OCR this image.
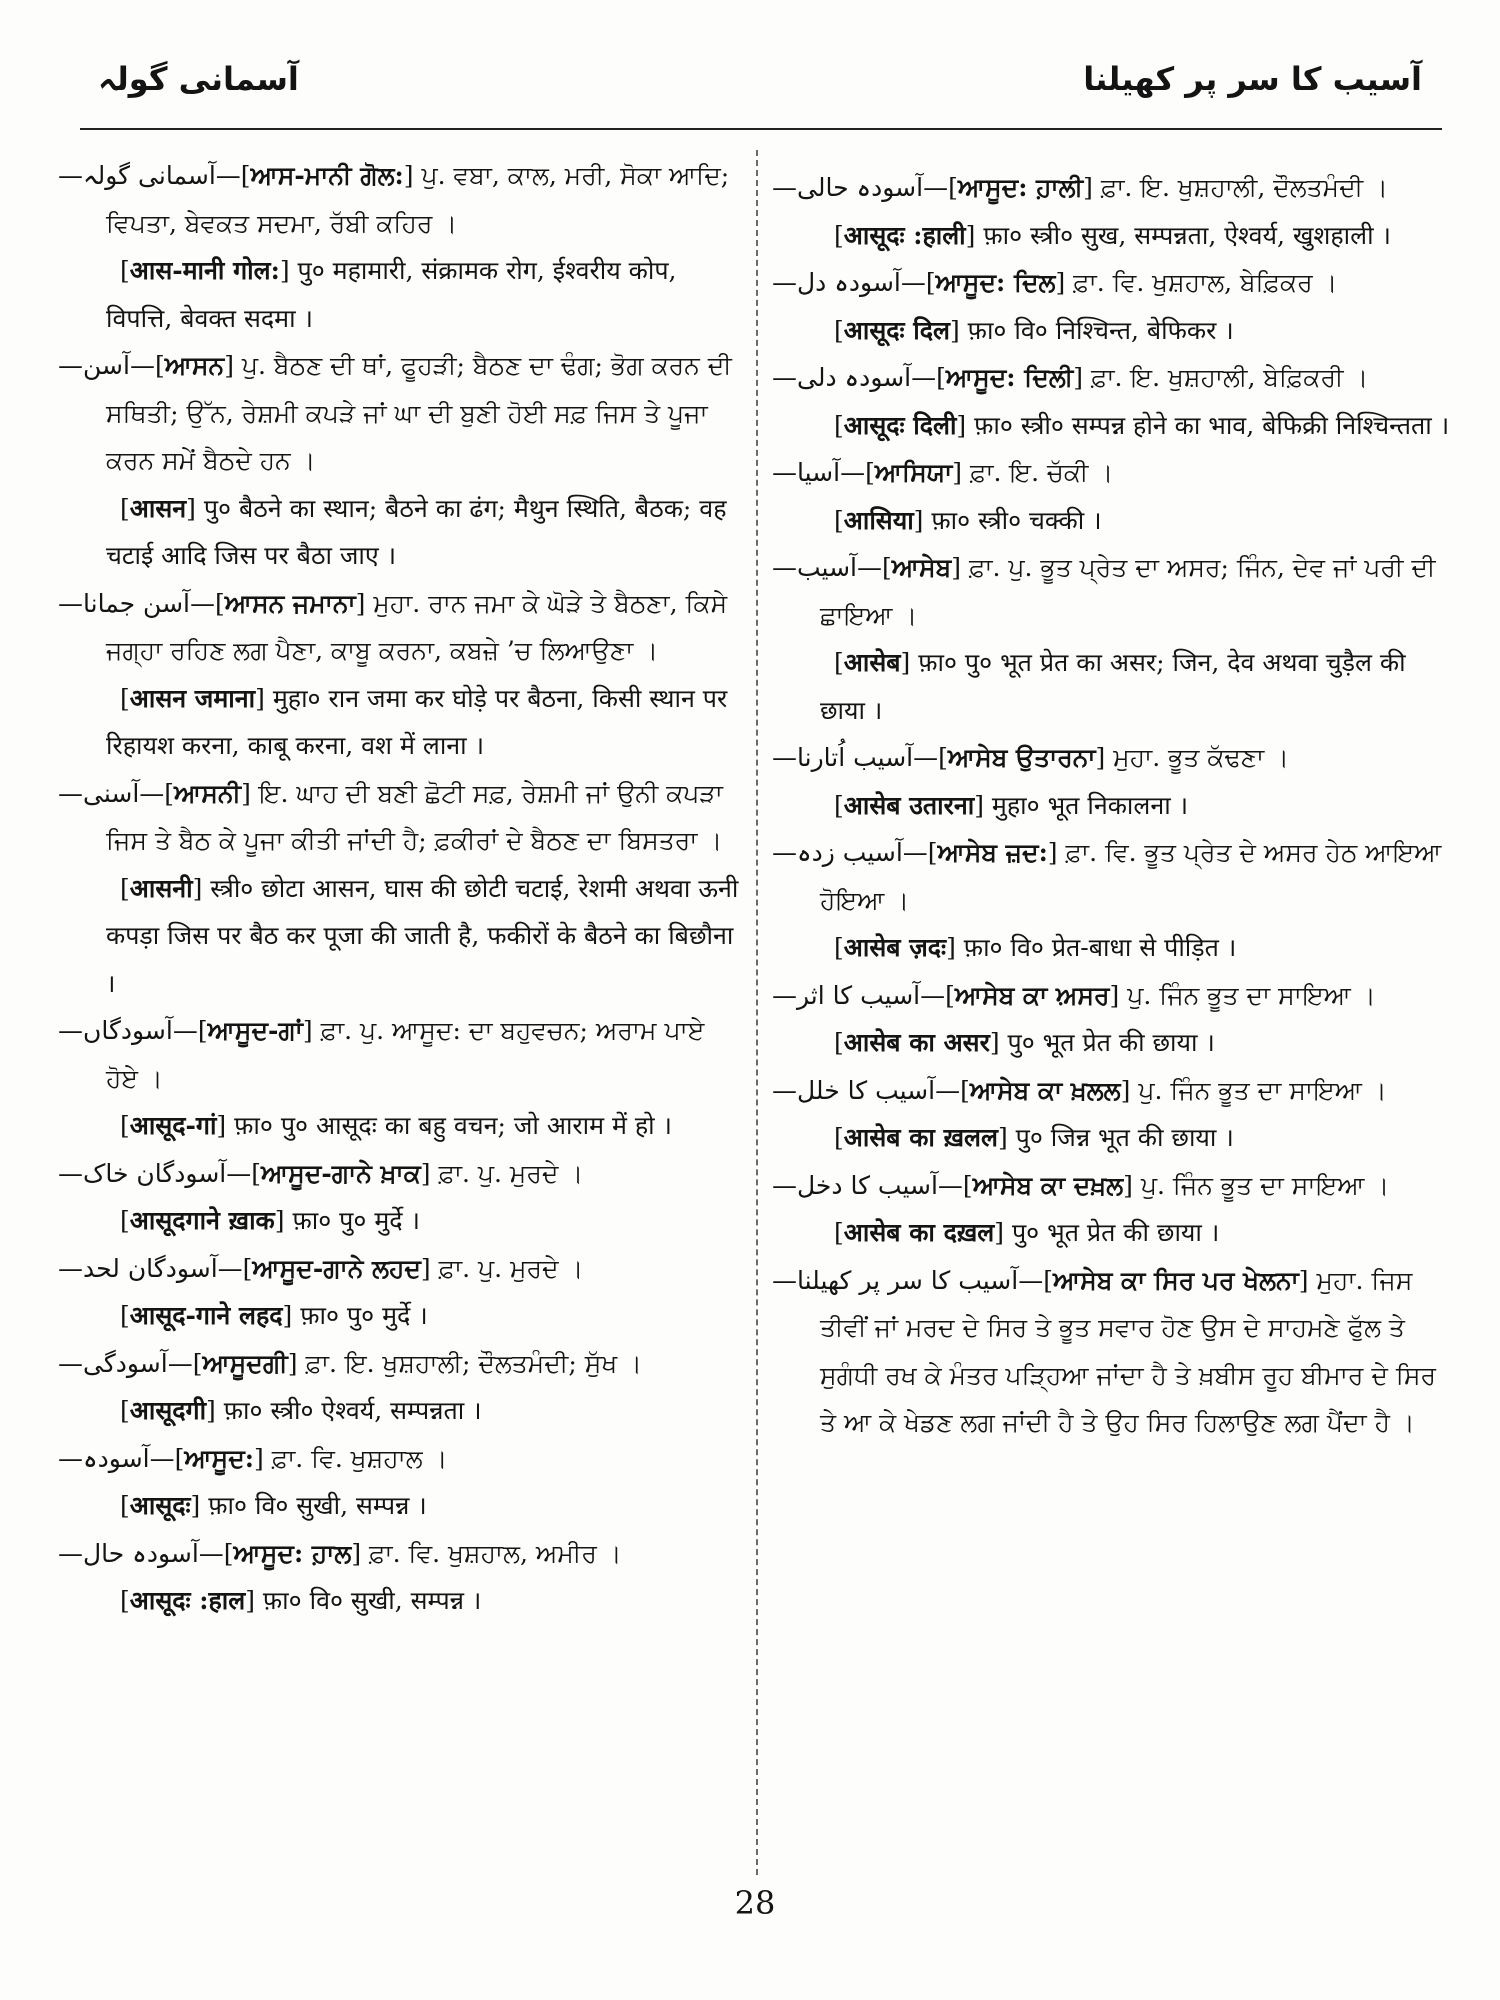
آسمانی گولہ	آسیب کا سر پر کھیلنا

— آسمانی گولہ — [ ਆਸ-ਮਾਨੀ ਗੋਲ: ] ਪੁ. ਵਬਾ, ਕਾਲ, ਮਰੀ, ਸੋਕਾ ਆਦਿ; ਵਿਪਤਾ, ਬੇਵਕਤ ਸਦਮਾ, ਰੱਬੀ ਕਹਿਰ ।

[ आस-मानी गोल: ] पु० महामारी, संक्रामक रोग, ईश्वरीय कोप, विपत्ति, बेवक्त सदमा ।

— آسن — [ ਆਸਨ ] ਪੁ. ਬੈਠਣ ਦੀ ਥਾਂ, ਫੂਹੜੀ; ਬੈਠਣ ਦਾ ਢੰਗ; ਭੋਗ ਕਰਨ ਦੀ ਸਥਿਤੀ; ਉੱਨ, ਰੇਸ਼ਮੀ ਕਪੜੇ ਜਾਂ ਘਾ ਦੀ ਬੁਣੀ ਹੋਈ ਸਫ਼ ਜਿਸ ਤੇ ਪੂਜਾ ਕਰਨ ਸਮੇਂ ਬੈਠਦੇ ਹਨ ।

[ आसन ] पु० बैठने का स्थान; बैठने का ढंग; मैथुन स्थिति, बैठक; वह चटाई आदि जिस पर बैठा जाए ।

— آسن جمانا — [ ਆਸਨ ਜਮਾਨਾ ] ਮੁਹਾ. ਰਾਨ ਜਮਾ ਕੇ ਘੋੜੇ ਤੇ ਬੈਠਣਾ, ਕਿਸੇ ਜਗ੍ਹਾ ਰਹਿਣ ਲਗ ਪੈਣਾ, ਕਾਬੂ ਕਰਨਾ, ਕਬਜ਼ੇ ’ਚ ਲਿਆਉਣਾ ।

[ आसन जमाना ] मुहा० रान जमा कर घोड़े पर बैठना, किसी स्थान पर रिहायश करना, काबू करना, वश में लाना ।

— آسنی — [ ਆਸਨੀ ] ਇ. ਘਾਹ ਦੀ ਬਣੀ ਛੋਟੀ ਸਫ਼, ਰੇਸ਼ਮੀ ਜਾਂ ਉਨੀ ਕਪੜਾ ਜਿਸ ਤੇ ਬੈਠ ਕੇ ਪੂਜਾ ਕੀਤੀ ਜਾਂਦੀ ਹੈ; ਫ਼ਕੀਰਾਂ ਦੇ ਬੈਠਣ ਦਾ ਬਿਸਤਰਾ ।

[ आसनी ] स्त्री० छोटा आसन, घास की छोटी चटाई, रेशमी अथवा ऊनी कपड़ा जिस पर बैठ कर पूजा की जाती है, फकीरों के बैठने का बिछौना ।

— آسودگاں — [ ਆਸੂਦ-ਗਾਂ ] ਫ਼ਾ. ਪੁ. ਆਸੂਦ: ਦਾ ਬਹੁਵਚਨ; ਅਰਾਮ ਪਾਏ ਹੋਏ ।

[ आसूद-गां ] फ़ा० पु० आसूदः का बहु वचन; जो आराम में हो ।

— آسودگان خاک — [ ਆਸੂਦ-ਗਾਨੇ ਖ਼ਾਕ ] ਫ਼ਾ. ਪੁ. ਮੁਰਦੇ ।

[ आसूदगाने ख़ाक ] फ़ा० पु० मुर्दे ।

— آسودگان لحد — [ ਆਸੂਦ-ਗਾਨੇ ਲਹਦ ] ਫ਼ਾ. ਪੁ. ਮੁਰਦੇ ।

[ आसूद-गाने लहद ] फ़ा० पु० मुर्दे ।

— آسودگی — [ ਆਸੂਦਗੀ ] ਫ਼ਾ. ਇ. ਖੁਸ਼ਹਾਲੀ; ਦੌਲਤਮੰਦੀ; ਸੁੱਖ ।

[ आसूदगी ] फ़ा० स्त्री० ऐश्वर्य, सम्पन्नता ।

— آسودہ — [ ਆਸੂਦ: ] ਫ਼ਾ. ਵਿ. ਖੁਸ਼ਹਾਲ ।

[ आसूदः ] फ़ा० वि० सुखी, सम्पन्न ।

— آسودہ حال — [ ਆਸੂਦ: ਹ਼ਾਲ ] ਫ਼ਾ. ਵਿ. ਖੁਸ਼ਹਾਲ, ਅਮੀਰ ।

[ आसूदः :हाल ] फ़ा० वि० सुखी, सम्पन्न ।

— آسودہ حالی — [ ਆਸੂਦ: ਹ਼ਾਲੀ ] ਫ਼ਾ. ਇ. ਖੁਸ਼ਹਾਲੀ, ਦੌਲਤਮੰਦੀ ।

[ आसूदः :हाली ] फ़ा० स्त्री० सुख, सम्पन्नता, ऐश्वर्य, खुशहाली ।

— آسودہ دل — [ ਆਸੂਦ: ਦਿਲ ] ਫ਼ਾ. ਵਿ. ਖੁਸ਼ਹਾਲ, ਬੇਫ਼ਿਕਰ ।

[ आसूदः दिल ] फ़ा० वि० निश्चिन्त, बेफिकर ।

— آسودہ دلی — [ ਆਸੂਦ: ਦਿਲੀ ] ਫ਼ਾ. ਇ. ਖੁਸ਼ਹਾਲੀ, ਬੇਫ਼ਿਕਰੀ ।

[ आसूदः दिली ] फ़ा० स्त्री० सम्पन्न होने का भाव, बेफिक्री निश्चिन्तता ।

— آسیا — [ ਆਸਿਯਾ ] ਫ਼ਾ. ਇ. ਚੱਕੀ ।

[ आसिया ] फ़ा० स्त्री० चक्की ।

— آسیب — [ ਆਸੇਬ ] ਫ਼ਾ. ਪੁ. ਭੂਤ ਪ੍ਰੇਤ ਦਾ ਅਸਰ; ਜਿੰਨ, ਦੇਵ ਜਾਂ ਪਰੀ ਦੀ ਛਾਇਆ ।

[ आसेब ] फ़ा० पु० भूत प्रेत का असर; जिन, देव अथवा चुड़ैल की छाया ।

— آسیب اُتارنا — [ ਆਸੇਬ ਉਤਾਰਨਾ ] ਮੁਹਾ. ਭੂਤ ਕੱਢਣਾ ।

[ आसेब उतारना ] मुहा० भूत निकालना ।

— آسیب زدہ — [ ਆਸੇਬ ਜ਼ਦ: ] ਫ਼ਾ. ਵਿ. ਭੂਤ ਪ੍ਰੇਤ ਦੇ ਅਸਰ ਹੇਠ ਆਇਆ ਹੋਇਆ ।

[ आसेब ज़दः ] फ़ा० वि० प्रेत-बाधा से पीड़ित ।

— آسیب کا اثر — [ ਆਸੇਬ ਕਾ ਅ਼ਸਰ ] ਪੁ. ਜਿੰਨ ਭੂਤ ਦਾ ਸਾਇਆ ।

[ आसेब का असर ] पु० भूत प्रेत की छाया ।

— آسیب کا خلل — [ ਆਸੇਬ ਕਾ ਖ਼ਲਲ ] ਪੁ. ਜਿੰਨ ਭੂਤ ਦਾ ਸਾਇਆ ।

[ आसेब का ख़लल ] पु० जिन्न भूत की छाया ।

— آسیب کا دخل — [ ਆਸੇਬ ਕਾ ਦਖ਼ਲ ] ਪੁ. ਜਿੰਨ ਭੂਤ ਦਾ ਸਾਇਆ ।

[ आसेब का दख़ल ] पु० भूत प्रेत की छाया ।

— آسیب کا سر پر کھیلنا — [ ਆਸੇਬ ਕਾ ਸਿਰ ਪਰ ਖੇਲਨਾ ] ਮੁਹਾ. ਜਿਸ ਤੀਵੀਂ ਜਾਂ ਮਰਦ ਦੇ ਸਿਰ ਤੇ ਭੂਤ ਸਵਾਰ ਹੋਣ ਉਸ ਦੇ ਸਾਹਮਣੇ ਫੁੱਲ ਤੇ ਸੁਗੰਧੀ ਰਖ ਕੇ ਮੰਤਰ ਪੜ੍ਹਿਆ ਜਾਂਦਾ ਹੈ ਤੇ ਖ਼ਬੀਸ ਰੂਹ ਬੀਮਾਰ ਦੇ ਸਿਰ ਤੇ ਆ ਕੇ ਖੇਡਣ ਲਗ ਜਾਂਦੀ ਹੈ ਤੇ ਉਹ ਸਿਰ ਹਿਲਾਉਣ ਲਗ ਪੈਂਦਾ ਹੈ ।

28
